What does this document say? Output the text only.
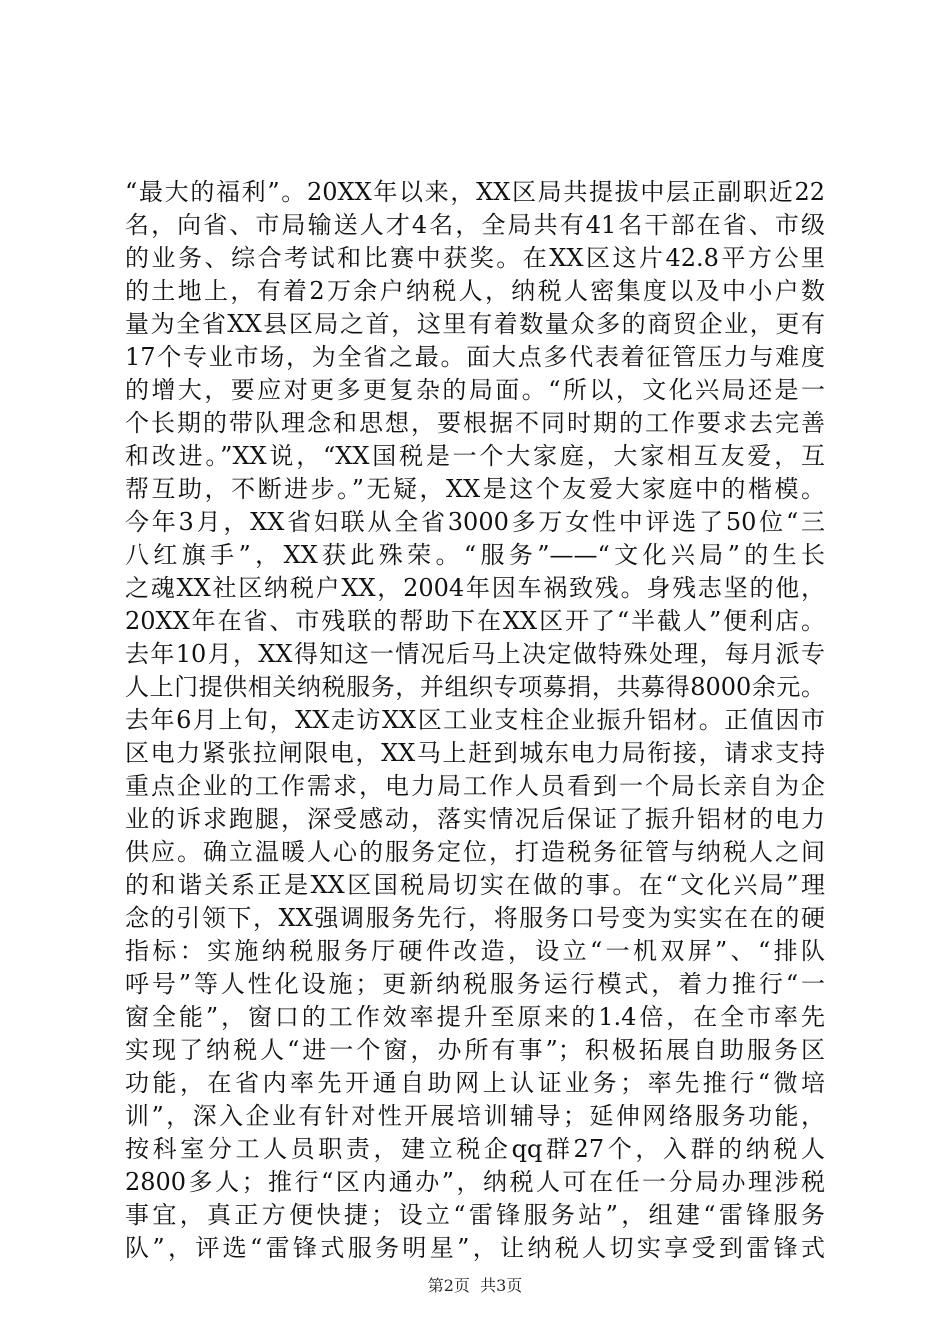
“最大的福利”。20XX年以来，XX区局共提拔中层正副职近22
名，向省、市局输送人才4名，全局共有41名干部在省、市级
的业务、综合考试和比赛中获奖。在XX区这片42.8平方公里
的土地上，有着2万余户纳税人，纳税人密集度以及中小户数
量为全省XX县区局之首，这里有着数量众多的商贸企业，更有
17个专业市场，为全省之最。面大点多代表着征管压力与难度
的增大，要应对更多更复杂的局面。“所以，文化兴局还是一
个长期的带队理念和思想，要根据不同时期的工作要求去完善
和改进。”XX说，“XX国税是一个大家庭，大家相互友爱，互
帮互助，不断进步。”无疑，XX是这个友爱大家庭中的楷模。
今年3月，XX省妇联从全省3000多万女性中评选了50位“三
八红旗手”，XX获此殊荣。“服务”——“文化兴局”的生长
之魂XX社区纳税户XX，2004年因车祸致残。身残志坚的他，
20XX年在省、市残联的帮助下在XX区开了“半截人”便利店。
去年10月，XX得知这一情况后马上决定做特殊处理，每月派专
人上门提供相关纳税服务，并组织专项募捐，共募得8000余元。
去年6月上旬，XX走访XX区工业支柱企业振升铝材。正值因市
区电力紧张拉闸限电，XX马上赶到城东电力局衔接，请求支持
重点企业的工作需求，电力局工作人员看到一个局长亲自为企
业的诉求跑腿，深受感动，落实情况后保证了振升铝材的电力
供应。确立温暖人心的服务定位，打造税务征管与纳税人之间
的和谐关系正是XX区国税局切实在做的事。在“文化兴局”理
念的引领下，XX强调服务先行，将服务口号变为实实在在的硬
指标：实施纳税服务厅硬件改造，设立“一机双屏”、“排队
呼号”等人性化设施；更新纳税服务运行模式，着力推行“一
窗全能”，窗口的工作效率提升至原来的1.4倍，在全市率先
实现了纳税人“进一个窗，办所有事”；积极拓展自助服务区
功能，在省内率先开通自助网上认证业务；率先推行“微培
训”，深入企业有针对性开展培训辅导；延伸网络服务功能，
按科室分工人员职责，建立税企qq群27个，入群的纳税人
2800多人；推行“区内通办”，纳税人可在任一分局办理涉税
事宜，真正方便快捷；设立“雷锋服务站”，组建“雷锋服务
队”，评选“雷锋式服务明星”，让纳税人切实享受到雷锋式
第2页  共3页
